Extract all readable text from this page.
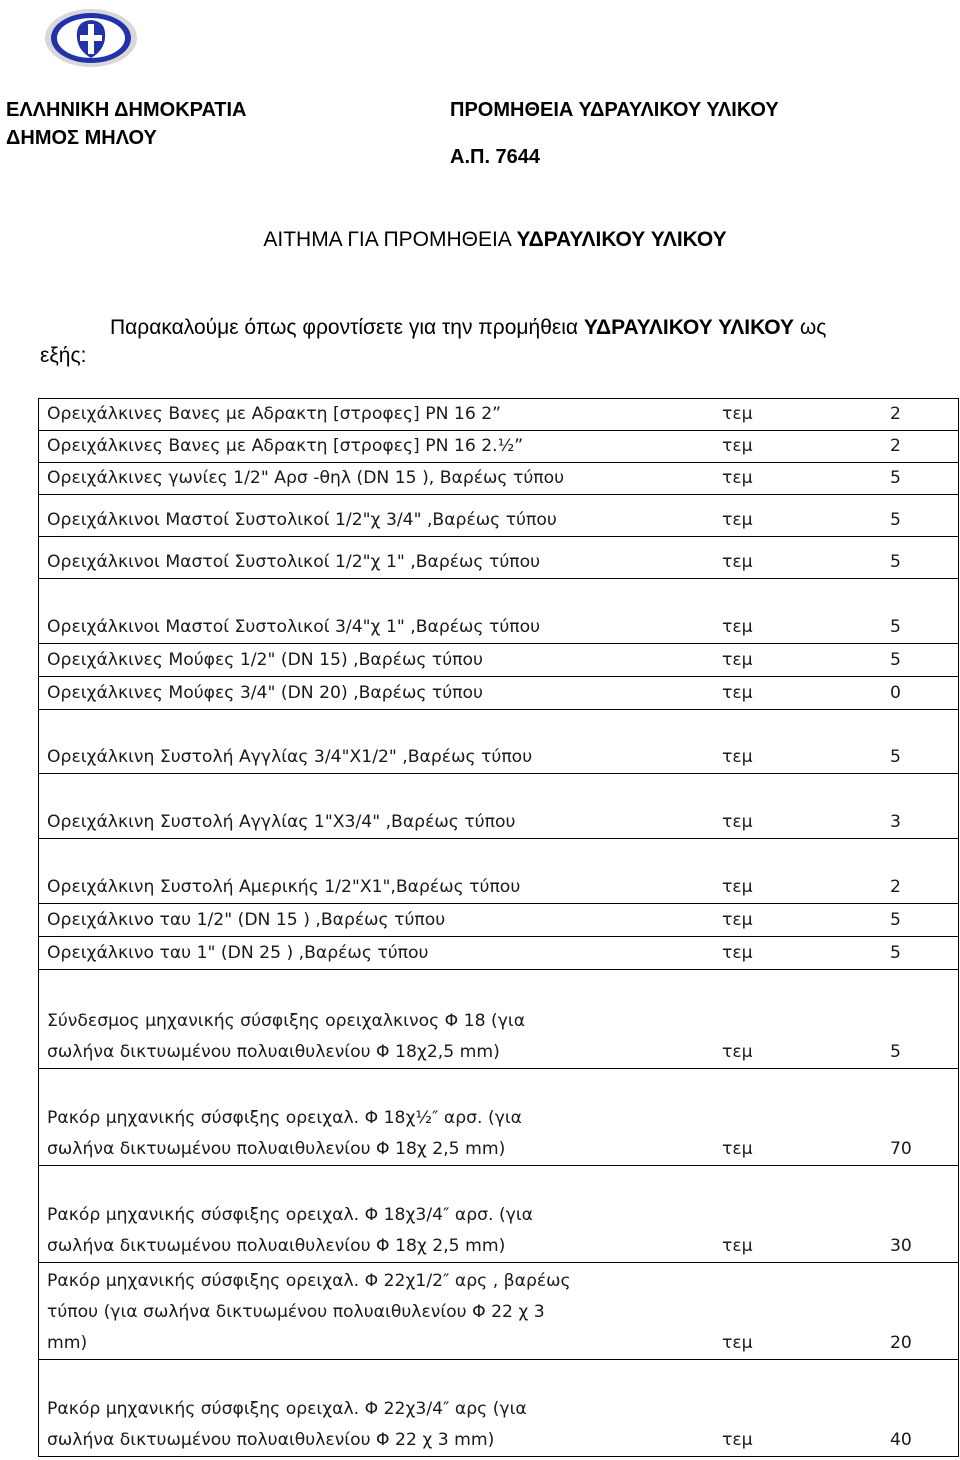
ΕΛΛΗΝΙΚΗ ΔΗΜΟΚΡΑΤΙΑ
ΔΗΜΟΣ ΜΗΛΟΥ
ΠΡΟΜΗΘΕΙΑ ΥΔΡΑΥΛΙΚΟΥ ΥΛΙΚΟΥ
Α.Π. 7644
ΑΙΤΗΜΑ ΓΙΑ ΠΡΟΜΗΘΕΙΑ ΥΔΡΑΥΛΙΚΟΥ ΥΛΙΚΟΥ
Παρακαλούμε όπως φροντίσετε για την προμήθεια ΥΔΡΑΥΛΙΚΟΥ ΥΛΙΚΟΥ ως
εξής:
Ορειχάλκινες Βανες με Αδρακτη [στροφες] PN 16 2”	τεμ	2

Ορειχάλκινες Βανες με Αδρακτη [στροφες] PN 16 2.½”	τεμ	2

Ορειχάλκινες γωνίες 1/2" Αρσ -θηλ (DN 15 ), Βαρέως τύπου	τεμ	5

Ορειχάλκινοι Μαστοί Συστολικοί 1/2"χ 3/4" ,Βαρέως τύπου	τεμ	5

Ορειχάλκινοι Μαστοί Συστολικοί 1/2"χ 1" ,Βαρέως τύπου	τεμ	5

Ορειχάλκινοι Μαστοί Συστολικοί 3/4"χ 1" ,Βαρέως τύπου	τεμ	5

Ορειχάλκινες Μούφες 1/2" (DN 15) ,Βαρέως τύπου	τεμ	5

Ορειχάλκινες Μούφες 3/4" (DN 20) ,Βαρέως τύπου	τεμ	0

Ορειχάλκινη Συστολή Αγγλίας 3/4"Χ1/2" ,Βαρέως τύπου	τεμ	5

Ορειχάλκινη Συστολή Αγγλίας 1"Χ3/4" ,Βαρέως τύπου	τεμ	3

Ορειχάλκινη Συστολή Αμερικής 1/2"Χ1",Βαρέως τύπου	τεμ	2

Ορειχάλκινο ταυ 1/2" (DN 15 ) ,Βαρέως τύπου	τεμ	5

Ορειχάλκινο ταυ 1" (DN 25 ) ,Βαρέως τύπου	τεμ	5

Σύνδεσμος μηχανικής σύσφιξης ορειχαλκινος Φ 18 (για
σωλήνα δικτυωμένου πολυαιθυλενίου Φ 18χ2,5 mm)	τεμ	5

Ρακόρ μηχανικής σύσφιξης ορειχαλ. Φ 18χ½″ αρσ. (για
σωλήνα δικτυωμένου πολυαιθυλενίου Φ 18χ 2,5 mm)	τεμ	70

Ρακόρ μηχανικής σύσφιξης ορειχαλ. Φ 18χ3/4″ αρσ. (για
σωλήνα δικτυωμένου πολυαιθυλενίου Φ 18χ 2,5 mm)	τεμ	30

Ρακόρ μηχανικής σύσφιξης ορειχαλ. Φ 22χ1/2″ αρς , βαρέως
τύπου (για σωλήνα δικτυωμένου πολυαιθυλενίου Φ 22 χ 3
mm)	τεμ	20

Ρακόρ μηχανικής σύσφιξης ορειχαλ. Φ 22χ3/4″ αρς (για
σωλήνα δικτυωμένου πολυαιθυλενίου Φ 22 χ 3 mm)	τεμ	40
